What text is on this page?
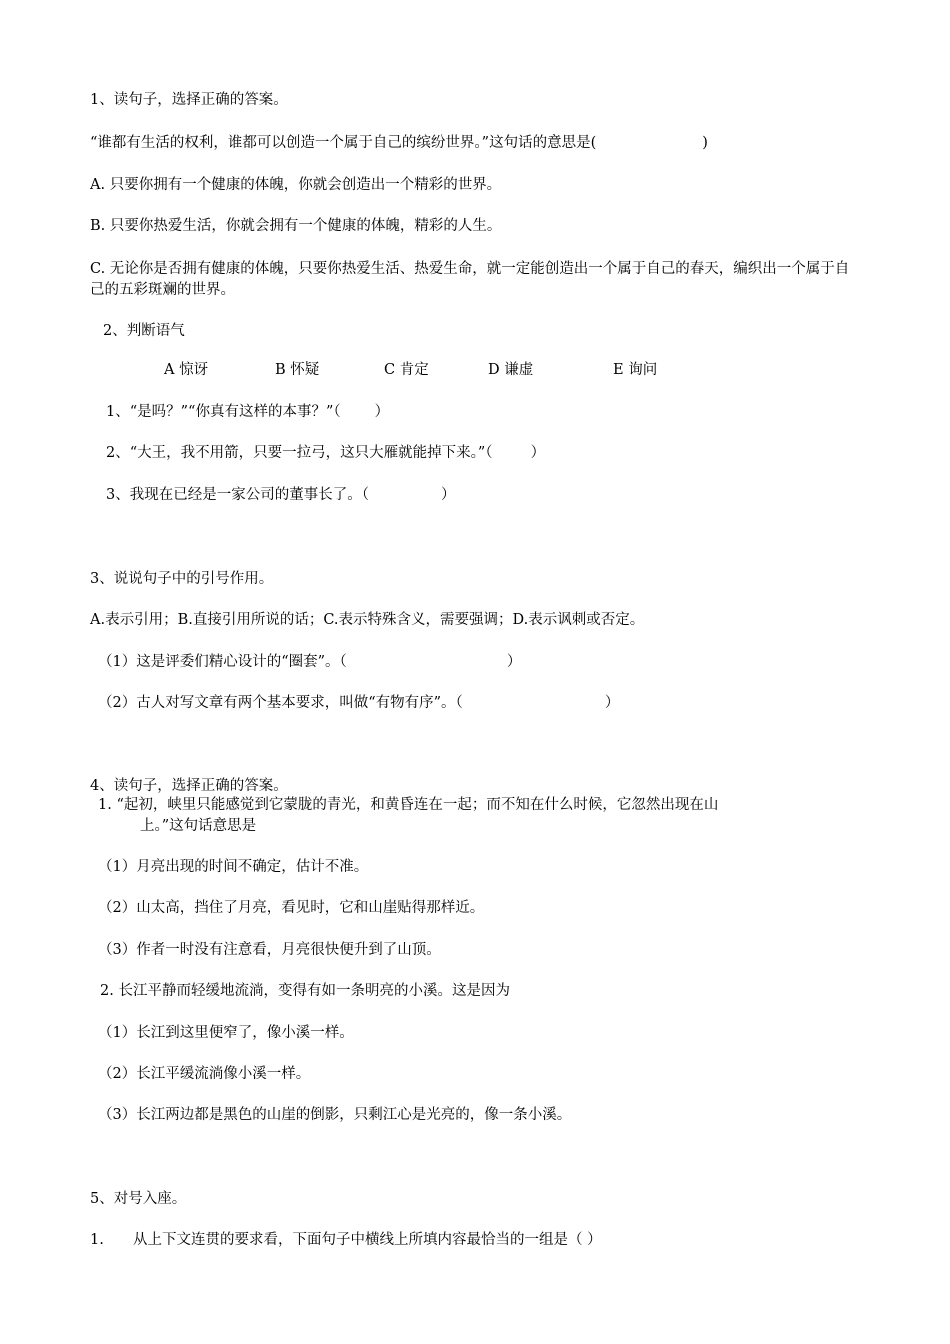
1、读句子，选择正确的答案。
“谁都有生活的权利，谁都可以创造一个属于自己的缤纷世界。”这句话的意思是(	)
A. 只要你拥有一个健康的体魄，你就会创造出一个精彩的世界。
B. 只要你热爱生活，你就会拥有一个健康的体魄，精彩的人生。
C. 无论你是否拥有健康的体魄，只要你热爱生活、热爱生命，就一定能创造出一个属于自己的春天，编织出一个属于自己的五彩斑斓的世界。
2、判断语气
A 惊讶	B 怀疑	C 肯定	D 谦虚	E 询问
1、“是吗？”“你真有这样的本事？”（ ）
2、“大王，我不用箭，只要一拉弓，这只大雁就能掉下来。”（	）
3、我现在已经是一家公司的董事长了。（	）
3、说说句子中的引号作用。
A.表示引用；B.直接引用所说的话；C.表示特殊含义，需要强调；D.表示讽刺或否定。
（1）这是评委们精心设计的“圈套”。（	）
（2）古人对写文章有两个基本要求，叫做“有物有序”。（	）
4、读句子，选择正确的答案。
1. “起初，峡里只能感觉到它蒙胧的青光，和黄昏连在一起；而不知在什么时候，它忽然出现在山
上。”这句话意思是
（1）月亮出现的时间不确定，估计不准。
（2）山太高，挡住了月亮，看见时，它和山崖贴得那样近。
（3）作者一时没有注意看，月亮很快便升到了山顶。
2. 长江平静而轻缓地流淌，变得有如一条明亮的小溪。这是因为
（1）长江到这里便窄了，像小溪一样。
（2）长江平缓流淌像小溪一样。
（3）长江两边都是黑色的山崖的倒影，只剩江心是光亮的，像一条小溪。
5、对号入座。
1. 从上下文连贯的要求看，下面句子中横线上所填内容最恰当的一组是（ ）
